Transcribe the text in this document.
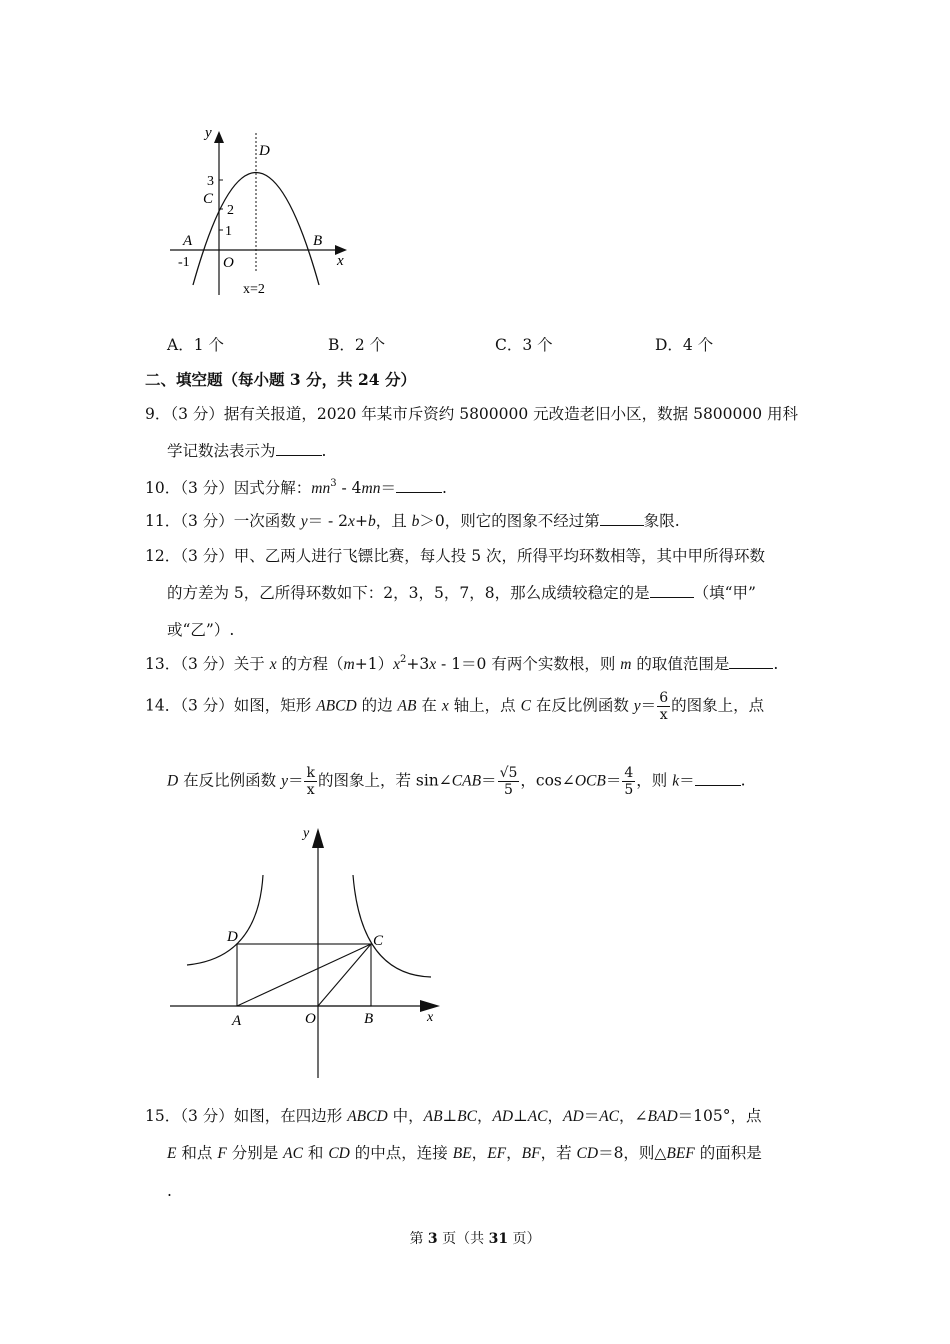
y
x
D
C
A	B
O
3
2
1
-1
x=2
A．1 个	B．2 个	C．3 个	D．4 个
二、填空题（每小题 3 分，共 24 分）
9．（3 分）据有关报道，2020 年某市斥资约 5800000 元改造老旧小区，数据 5800000 用科
学记数法表示为	.
10．（3 分）因式分解：$mn^3 - 4mn=$	.
11．（3 分）一次函数 y＝ - 2x+b，且 b＞0，则它的图象不经过第	象限.
12．（3 分）甲、乙两人进行飞镖比赛，每人投 5 次，所得平均环数相等，其中甲所得环数
的方差为 5，乙所得环数如下：2，3，5，7，8，那么成绩较稳定的是	（填“甲”
或“乙”）.
13．（3 分）关于 x 的方程$(m+1)x^2+3x - 1=0$ 有两个实数根，则 m 的取值范围是	.
14．（3 分）如图，矩形 ABCD 的边 AB 在 x 轴上，点 C 在反比例函数 $y= \frac{6}{x}$ 的图象上，点
D 在反比例函数 $y= \frac{k}{x}$ 的图象上，若 sin∠CAB＝ $\frac{√5}{5}$ ，cos∠OCB＝ $\frac{4}{5}$ ，则 k＝	.
y
x
D	C
A	O	B
15．（3 分）如图，在四边形 ABCD 中，AB⊥BC，AD⊥AC，AD＝AC，∠BAD＝105°，点
E 和点 F 分别是 AC 和 CD 的中点，连接 BE，EF，BF，若 CD＝8，则△BEF 的面积是
.
第 3 页（共 31 页）
